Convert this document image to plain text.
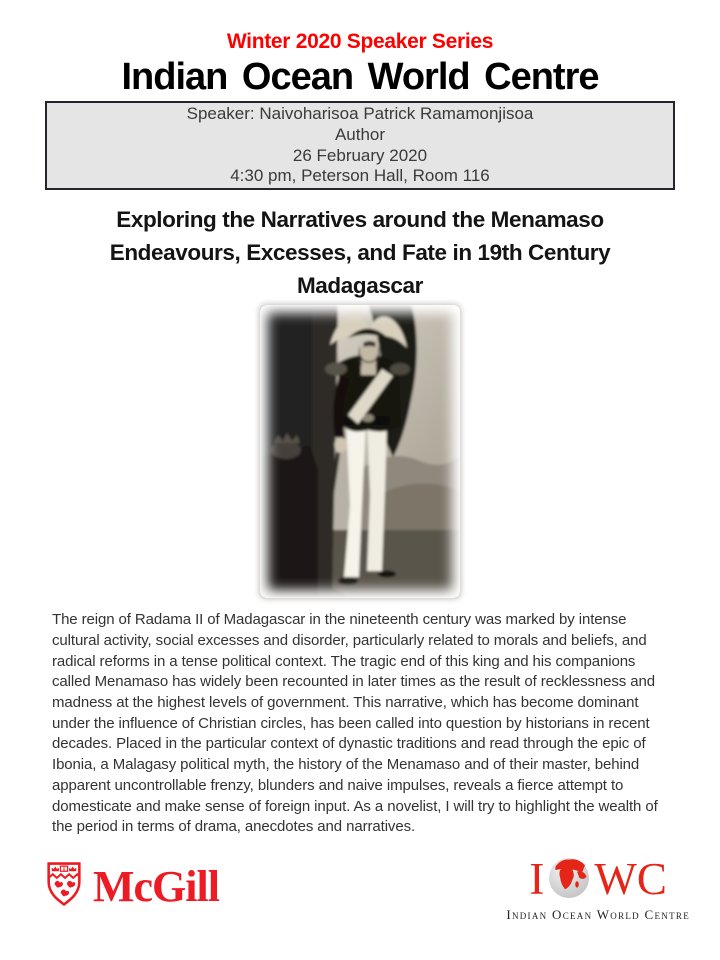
Winter 2020 Speaker Series
Indian Ocean World Centre
Speaker: Naivoharisoa Patrick Ramamonjisoa
Author
26 February 2020
4:30 pm, Peterson Hall, Room 116
Exploring the Narratives around the Menamaso
Endeavours, Excesses, and Fate in 19th Century
Madagascar

The reign of Radama II of Madagascar in the nineteenth century was marked by intense cultural activity, social excesses and disorder, particularly related to morals and beliefs, and radical reforms in a tense political context. The tragic end of this king and his companions called Menamaso has widely been recounted in later times as the result of recklessness and madness at the highest levels of government. This narrative, which has become dominant under the influence of Christian circles, has been called into question by historians in recent decades. Placed in the particular context of dynastic traditions and read through the epic of Ibonia, a Malagasy political myth, the history of the Menamaso and of their master, behind apparent uncontrollable frenzy, blunders and naive impulses, reveals a fierce attempt to domesticate and make sense of foreign input. As a novelist, I will try to highlight the wealth of the period in terms of drama, anecdotes and narratives.

McGill	I WC
Indian Ocean World Centre
